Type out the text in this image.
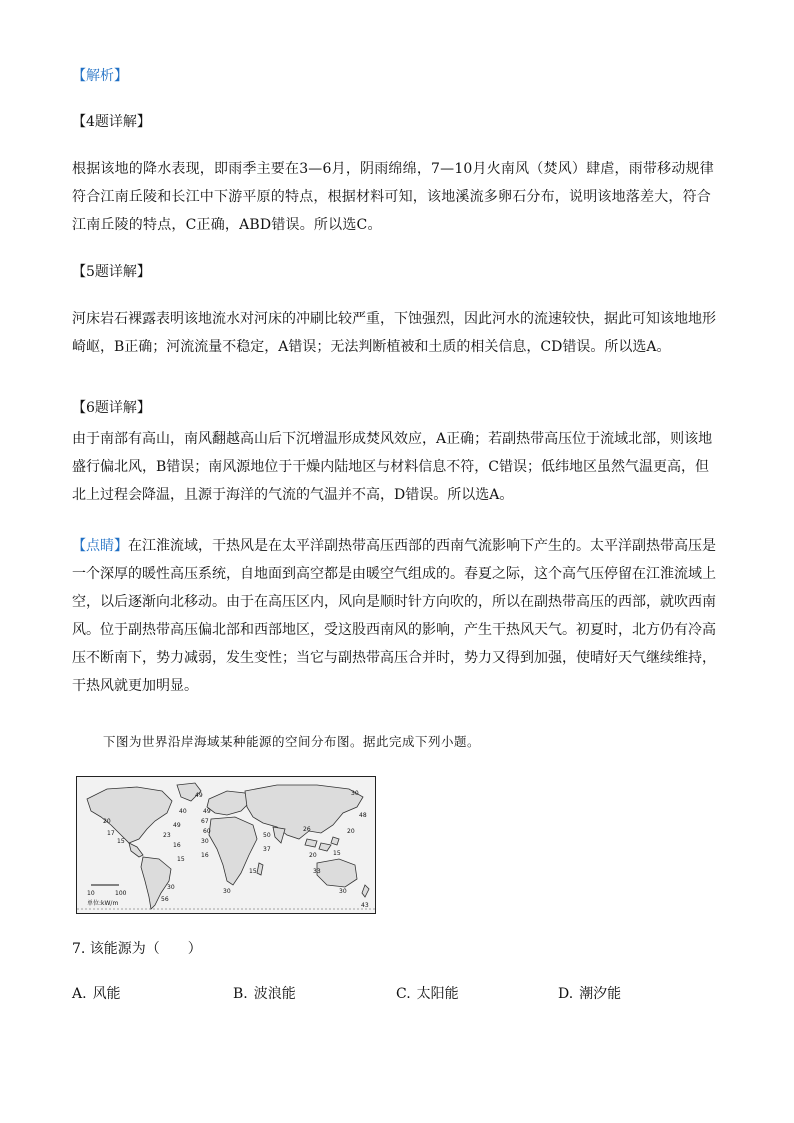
【解析】

【4题详解】

根据该地的降水表现，即雨季主要在3—6月，阴雨绵绵，7—10月火南风（焚风）肆虐，雨带移动规律符合江南丘陵和长江中下游平原的特点，根据材料可知，该地溪流多卵石分布，说明该地落差大，符合江南丘陵的特点，C正确，ABD错误。所以选C。

【5题详解】

河床岩石裸露表明该地流水对河床的冲刷比较严重，下蚀强烈，因此河水的流速较快，据此可知该地地形崎岖，B正确；河流流量不稳定，A错误；无法判断植被和土质的相关信息，CD错误。所以选A。

【6题详解】

由于南部有高山，南风翻越高山后下沉增温形成焚风效应，A正确；若副热带高压位于流域北部，则该地盛行偏北风，B错误；南风源地位于干燥内陆地区与材料信息不符，C错误；低纬地区虽然气温更高，但北上过程会降温，且源于海洋的气流的气温并不高，D错误。所以选A。

【点睛】在江淮流域，干热风是在太平洋副热带高压西部的西南气流影响下产生的。太平洋副热带高压是一个深厚的暖性高压系统，自地面到高空都是由暖空气组成的。春夏之际，这个高气压停留在江淮流域上空，以后逐渐向北移动。由于在高压区内，风向是顺时针方向吹的，所以在副热带高压的西部，就吹西南风。位于副热带高压偏北部和西部地区，受这股西南风的影响，产生干热风天气。初夏时，北方仍有冷高压不断南下，势力减弱，发生变性；当它与副热带高压合并时，势力又得到加强，使晴好天气继续维持，干热风就更加明显。

下图为世界沿岸海域某种能源的空间分布图。据此完成下列小题。

49
40
20
17
15
49
23
16
15
49
67
60
30
16
30
48
20
26
50
37
15
30
20
33
15
56
30
30
43
10	100
单位:kW/m

7. 该能源为（　　）

A. 风能	B. 波浪能	C. 太阳能	D. 潮汐能
